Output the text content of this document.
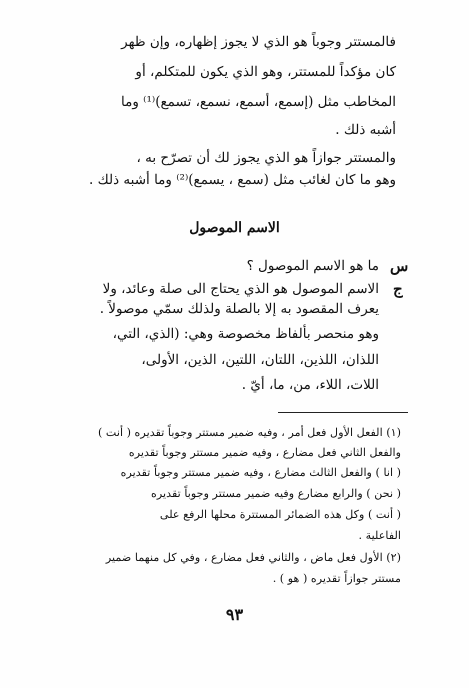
فالمستتر وجوباً هو الذي لا يجوز إظهاره، وإن ظهر
كان مؤكداً للمستتر، وهو الذي يكون للمتكلم، أو
المخاطب مثل (إسمع، أسمع، نسمع، تسمع)⁽¹⁾ وما
أشبه ذلك .
والمستتر جوازاً هو الذي يجوز لك أن تصرّح به ،
وهو ما كان لغائب مثل (سمع ، يسمع)⁽²⁾ وما أشبه ذلك .
الاسم الموصول
س
ج
ما هو الاسم الموصول ؟
الاسم الموصول هو الذي يحتاج الى صلة وعائد، ولا
يعرف المقصود به إلا بالصلة ولذلك سمّي موصولاً .
وهو منحصر بألفاظ مخصوصة وهي: (الذي، التي،
اللذان، اللذين، اللتان، اللتين، الذين، الأولى،
اللات، اللاء، من، ما، أيّ .
(١) الفعل الأول فعل أمر ، وفيه ضمير مستتر وجوباً تقديره ( أنت )
والفعل الثاني فعل مضارع ، وفيه ضمير مستتر وجوباً تقديره
( انا ) والفعل الثالث مضارع ، وفيه ضمير مستتر وجوباً تقديره
( نحن ) والرابع مضارع وفيه ضمير مستتر وجوباً تقديره
( أنت ) وكل هذه الضمائر المستترة محلها الرفع على
الفاعلية .
(٢) الأول فعل ماض ، والثاني فعل مضارع ، وفي كل منهما ضمير
مستتر جوازاً تقديره ( هو ) .
٩٣
